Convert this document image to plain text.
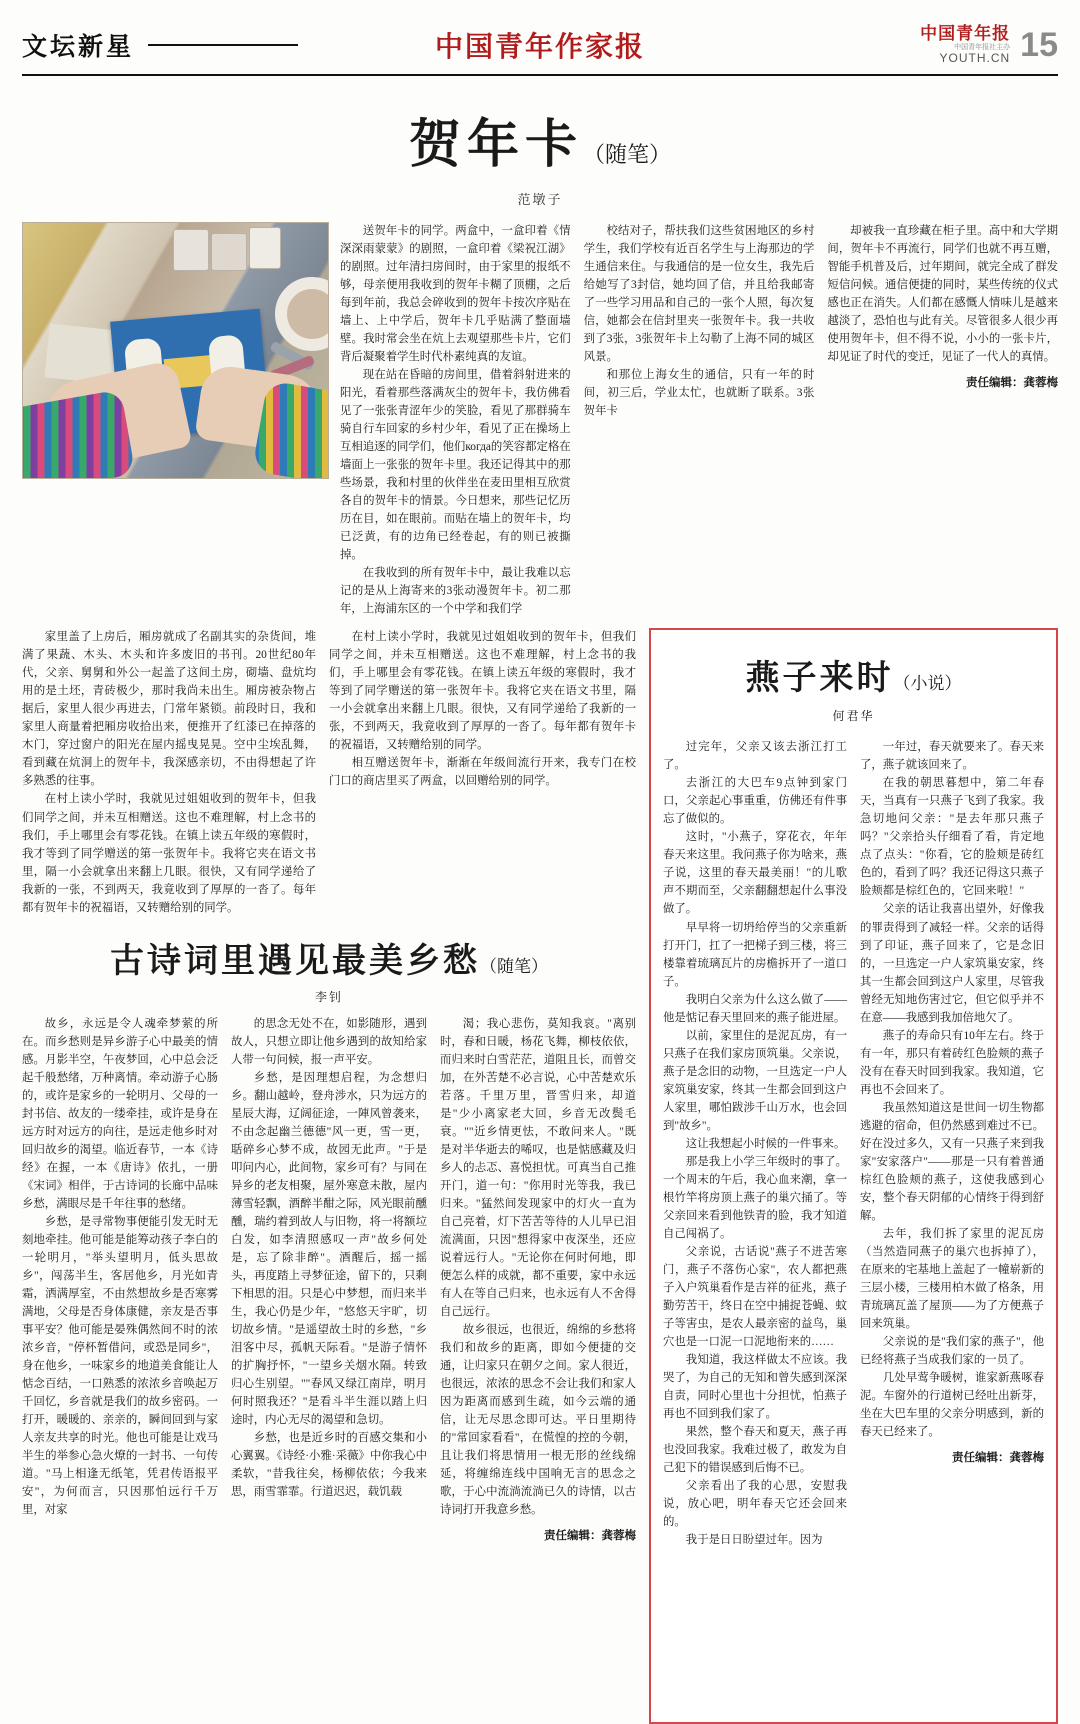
文坛新星	中国青年作家报	中国青年报
中国青年报社主办
YOUTH.CN 15
贺年卡（随笔）
范墩子

送贺年卡的同学。两盒中，一盒印着《情深深雨蒙蒙》的剧照，一盒印着《梁祝江湖》的剧照。过年清扫房间时，由于家里的报纸不够，母亲便用我收到的贺年卡糊了顶棚，之后每到年前，我总会碎收到的贺年卡按次序贴在墙上、上中学后，贺年卡几乎贴满了整面墙壁。我时常会坐在炕上去观望那些卡片，它们背后凝聚着学生时代朴素纯真的友谊。

现在站在昏暗的房间里，借着斜射进来的阳光，看着那些落满灰尘的贺年卡，我仿佛看见了一张张青涩年少的笑脸，看见了那群骑车骑自行车回家的乡村少年，看见了正在操场上互相追逐的同学们，他们когда的笑容都定格在墙面上一张张的贺年卡里。我还记得其中的那些场景，我和村里的伙伴坐在麦田里相互欣赏各自的贺年卡的情景。今日想来，那些记忆历历在目，如在眼前。而贴在墙上的贺年卡，均已泛黄，有的边角已经卷起，有的则已被撕掉。

在我收到的所有贺年卡中，最让我难以忘记的是从上海寄来的3张动漫贺年卡。初二那年，上海浦东区的一个中学和我们学

校结对子，帮扶我们这些贫困地区的乡村学生，我们学校有近百名学生与上海那边的学生通信来住。与我通信的是一位女生，我先后给她写了3封信，她均回了信，并且给我邮寄了一些学习用品和自己的一张个人照，每次复信，她都会在信封里夹一张贺年卡。我一共收到了3张，3张贺年卡上勾勒了上海不同的城区风景。

和那位上海女生的通信，只有一年的时间，初三后，学业太忙，也就断了联系。3张贺年卡

却被我一直珍藏在柜子里。高中和大学期间，贺年卡不再流行，同学们也就不再互赠，智能手机普及后，过年期间，就完全成了群发短信问候。通信便捷的同时，某些传统的仪式感也正在消失。人们都在感慨人情味儿是越来越淡了，恐怕也与此有关。尽管很多人很少再使用贺年卡，但不得不说，小小的一张卡片，却见证了时代的变迁，见证了一代人的真情。

责任编辑：龚蓉梅

家里盖了上房后，厢房就成了名副其实的杂货间，堆满了果蔬、木头、木头和许多废旧的书刊。20世纪80年代，父亲、舅舅和外公一起盖了这间土房，砌墙、盘炕均用的是土坯，青砖极少，那时我尚未出生。厢房被杂物占据后，家里人很少再进去，门常年紧锁。前段时日，我和家里人商量着把厢房收拾出来，便推开了红漆已在掉落的木门，穿过窗户的阳光在屋内摇曳晃晃。空中尘埃乱舞，看到藏在炕洞上的贺年卡，我深感亲切，不由得想起了许多熟悉的往事。

在村上读小学时，我就见过姐姐收到的贺年卡，但我们同学之间，并未互相赠送。这也不难理解，村上念书的我们，手上哪里会有零花钱。在镇上读五年级的寒假时，我才等到了同学赠送的第一张贺年卡。我将它夹在语文书里，隔一小会就拿出来翻上几眼。很快，又有同学递给了我新的一张，不到两天，我竟收到了厚厚的一沓了。每年都有贺年卡的祝福语，又转赠给别的同学。

在村上读小学时，我就见过姐姐收到的贺年卡，但我们同学之间，并未互相赠送。这也不难理解，村上念书的我们，手上哪里会有零花钱。在镇上读五年级的寒假时，我才等到了同学赠送的第一张贺年卡。我将它夹在语文书里，隔一小会就拿出来翻上几眼。很快，又有同学递给了我新的一张，不到两天，我竟收到了厚厚的一沓了。每年都有贺年卡的祝福语，又转赠给别的同学。

相互赠送贺年卡，渐渐在年级间流行开来，我专门在校门口的商店里买了两盒，以回赠给别的同学。

古诗词里遇见最美乡愁（随笔）
李钊

故乡，永远是令人魂牵梦萦的所在。而乡愁则是异乡游子心中最美的情感。月影半空，午夜梦回，心中总会泛起千般愁绪，万种离情。牵动游子心肠的，或许是家乡的一轮明月、父母的一封书信、故友的一缕牵挂，或许是身在远方时对远方的向往，是远走他乡时对回归故乡的渴望。临近春节，一本《诗经》在握，一本《唐诗》依扎，一册《宋词》相伴，于古诗词的长廊中品味乡愁，满眼尽是千年往事的愁绪。

乡愁，是寻常物事便能引发无时无刻地牵挂。他可能是能筹动孩子李白的一轮明月，"举头望明月，低头思故乡"，闯荡半生，客居他乡，月光如青霜，洒满厚室，不由然想故乡是否寒雾满地，父母是否身体康健，亲友是否事事平安？他可能是晏殊偶然间不时的浓浓乡音，"停杯暂借问，或恐是同乡"，身在他乡，一味家乡的地道美食能让人惦念百结，一口熟悉的浓浓乡音唤起万千回忆，乡音就是我们的故乡密码。一打开，暖暖的、亲亲的，瞬间回到与家人亲友共享的时光。他也可能是让戏马半生的举参心急火燎的一封书、一句传道。"马上相逢无纸笔，凭君传语报平安"，为何而言，只因那怕远行千万里，对家

的思念无处不在，如影随形，遇到故人，只想立即让他乡遇到的故知给家人带一句问候，报一声平安。

乡愁，是因理想启程，为念想归乡。翻山越岭，登舟涉水，只为远方的星辰大海，辽阔征途，一陣风曾袭来，不由念起幽兰德德"风一更，雪一更，聒碎乡心梦不成，故园无此声。"于是叩问内心，此间物，家乡可有？与同在异乡的老友相聚，屋外寒意未散，屋内薄雪轻飘，酒醉半酣之际，风光眼前醺醺，瑞约着到故人与旧物，将一将额垃白发，如李清照感叹一声"故乡何处是，忘了除非醉"。酒醒后，摇一摇头，再度踏上寻梦征途，留下的，只剩下相思的泪。只是心中梦想，而归来半生，我心仍是少年，"悠悠天宇旷，切切故乡情。"是遥望故土时的乡愁，"乡泪客中尽，孤帆天际看。"是游子情怀的扩胸抒怀，"一望乡关烟水隔。转致归心生别望。""春风又绿江南岸，明月何时照我还？"是看斗半生涯以踏上归途时，内心无尽的渴望和急切。

乡愁，也是近乡时的百感交集和小心翼翼。《诗经·小雅·采薇》中你我心中柔软，"昔我往矣，杨柳依依；今我来思，雨雪霏霏。行道迟迟，载饥载

渴；我心悲伤，莫知我哀。"离别时，春和日暖，杨花飞舞，柳枝依依，而归来时白雪茫茫，道阻且长，而曾交加，在外苦楚不必言说，心中苦楚欢乐若落。千里万里，晋雪归来，却道是"少小离家老大回，乡音无改鬓毛衰。""近乡情更怯，不敢问来人。"既是对半华逝去的唏叹，也是惦感藏及归乡人的忐忑、喜悦担忧。可真当自己推开门，道一句："你用时光等我，我已归来。"猛然间发现家中的灯火一直为自己亮着，灯下苦苦等待的人儿早已泪流满面，只因"想得家中夜深坐，还应说着远行人。"无论你在何时何地，即便怎么样的成就，都不重要，家中永远有人在等自己归来，也永远有人不舍得自己远行。

故乡很远，也很近，绵绵的乡愁将我们和故乡的距离，即如今便捷的交通，让归家只在朝夕之间。家人很近，也很远，浓浓的思念不会让我们和家人因为距离而感到生疏，如今云端的通信，让无尽思念即可达。平日里期待的"常回家看看"，在慌惶的控的今朝，且让我们将思情用一根无形的丝线绵延，将缠绵连线中国响无言的思念之歌，于心中流淌流淌已久的诗情，以古诗词打开我意乡愁。

责任编辑：龚蓉梅
燕子来时（小说）
何君华

过完年，父亲又该去浙江打工了。

去浙江的大巴车9点钟到家门口，父亲起心事重重，仿佛还有件事忘了做似的。

这时，"小燕子，穿花衣，年年春天来这里。我问燕子你为啥来，燕子说，这里的春天最美丽！"的儿歌声不期而至，父亲翻翻想起什么事没做了。

早早将一切坍给停当的父亲重新打开门，扛了一把梯子到三楼，将三楼靠着琉璃瓦片的房檐拆开了一道口子。

我明白父亲为什么这么做了——他是惦记春天里回来的燕子能进屋。

以前，家里住的是泥瓦房，有一只燕子在我们家房顶筑巢。父亲说，燕子是念旧的动物，一旦选定一户人家筑巢安家，终其一生都会回到这户人家里，哪怕跋涉千山万水，也会回到"故乡"。

这让我想起小时候的一件事来。

那是我上小学三年级时的事了。一个周末的午后，我心血来潮，拿一根竹竿将房顶上燕子的巢穴捅了。等父亲回来看到他铁青的脸，我才知道自己闯祸了。

父亲说，古话说"燕子不进苦寒门，燕子不落伤心家"，农人都把燕子入户筑巢看作是吉祥的征兆，燕子勤劳苦干，终日在空中捕捉苍蝇、蚊子等害虫，是农人最亲密的益鸟，巢穴也是一口泥一口泥地衔来的……

我知道，我这样做太不应该。我哭了，为自己的无知和曾失感到深深自责，同时心里也十分担忧，怕燕子再也不回到我们家了。

果然，整个春天和夏天，燕子再也没回我家。我难过极了，敢发为自己犯下的错误感到后悔不已。

父亲看出了我的心思，安慰我说，放心吧，明年春天它还会回来的。

我于是日日盼望过年。因为

一年过，春天就要来了。春天来了，燕子就该回来了。

在我的朝思暮想中，第二年春天，当真有一只燕子飞到了我家。我急切地问父亲："是去年那只燕子吗？"父亲拾头仔细看了看，肯定地点了点头："你看，它的脸颊是砖红色的，看到了吗？我还记得这只燕子脸颊都是棕红色的，它回来啦！"

父亲的话让我喜出望外，好像我的罪责得到了减轻一样。父亲的话得到了印证，燕子回来了，它是念旧的，一旦选定一户人家筑巢安家，终其一生都会回到这户人家里，尽管我曾经无知地伤害过它，但它似乎并不在意——我感到我加倍地欠了。

燕子的寿命只有10年左右。终于有一年，那只有着砖红色脸颊的燕子没有在春天时回到我家。我知道，它再也不会回来了。

我虽然知道这是世间一切生物都逃避的宿命，但仍然感到难过不已。好在没过多久，又有一只燕子来到我家"安家落户"——那是一只有着普通棕红色脸颊的燕子，这使我感到心安，整个春天阴郁的心情终于得到舒解。

去年，我们拆了家里的泥瓦房（当然造同燕子的巢穴也拆掉了），在原来的宅基地上盖起了一幢崭新的三层小楼，三楼用柏木做了格条，用青琉璃瓦盖了屋顶——为了方便燕子回来筑巢。

父亲说的是"我们家的燕子"，他已经将燕子当成我们家的一员了。

几处早莺争暖树，谁家新燕啄春泥。车窗外的行道树已经吐出新芽，坐在大巴车里的父亲分明感到，新的春天已经来了。

责任编辑：龚蓉梅
